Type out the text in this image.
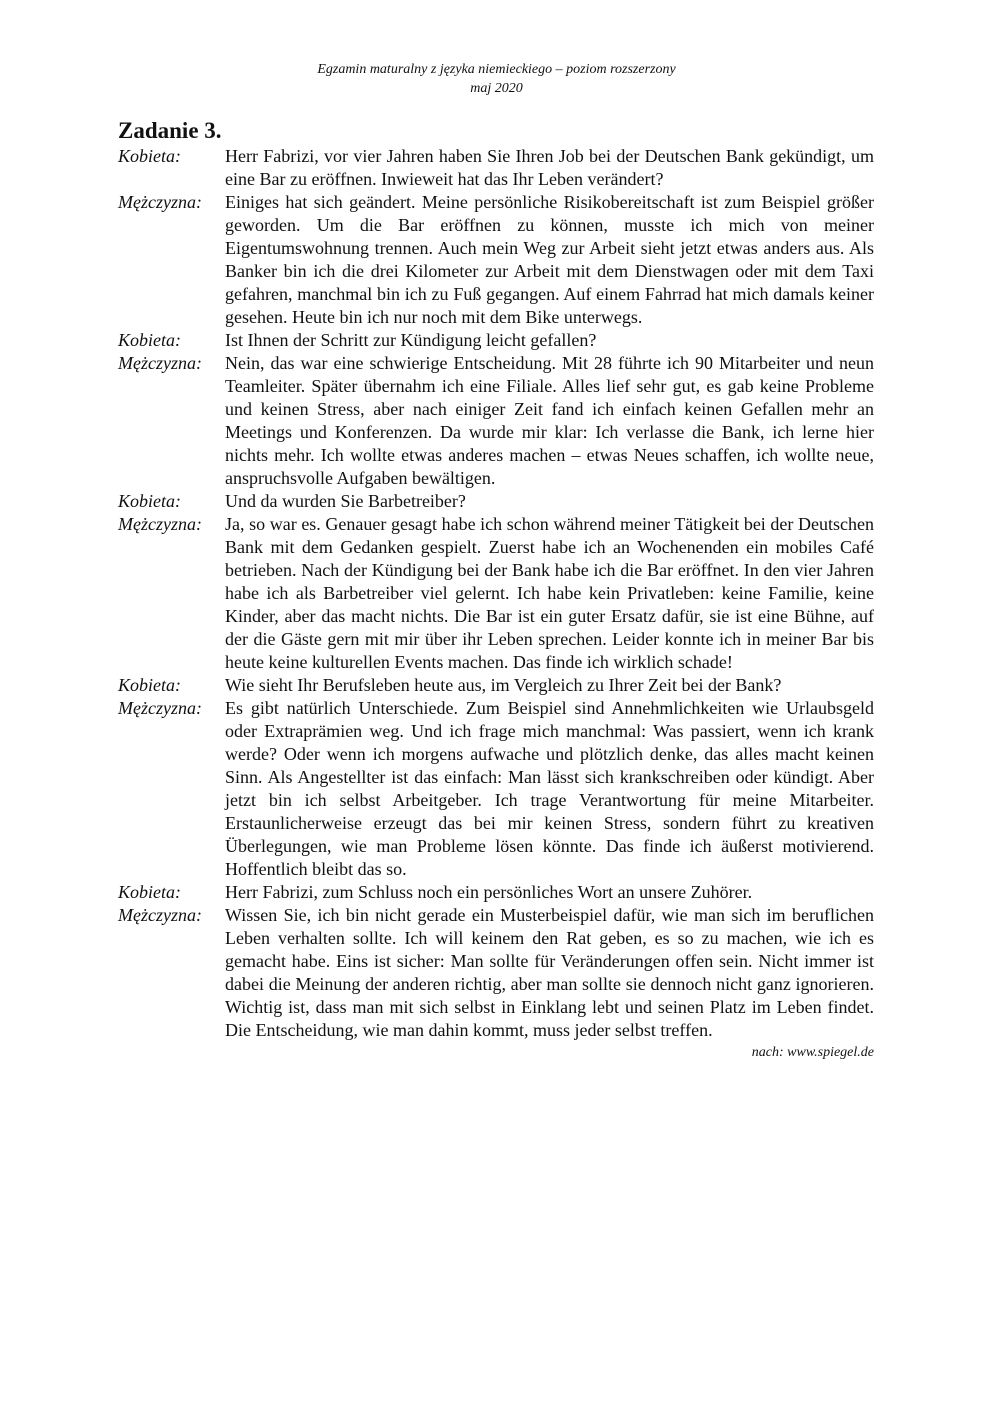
Egzamin maturalny z języka niemieckiego – poziom rozszerzony
maj 2020
Zadanie 3.
Kobieta:	Herr Fabrizi, vor vier Jahren haben Sie Ihren Job bei der Deutschen Bank gekündigt, um eine Bar zu eröffnen. Inwieweit hat das Ihr Leben verändert?
Mężczyzna:	Einiges hat sich geändert. Meine persönliche Risikobereitschaft ist zum Beispiel größer geworden. Um die Bar eröffnen zu können, musste ich mich von meiner Eigentumswohnung trennen. Auch mein Weg zur Arbeit sieht jetzt etwas anders aus. Als Banker bin ich die drei Kilometer zur Arbeit mit dem Dienstwagen oder mit dem Taxi gefahren, manchmal bin ich zu Fuß gegangen. Auf einem Fahrrad hat mich damals keiner gesehen. Heute bin ich nur noch mit dem Bike unterwegs.
Kobieta:	Ist Ihnen der Schritt zur Kündigung leicht gefallen?
Mężczyzna:	Nein, das war eine schwierige Entscheidung. Mit 28 führte ich 90 Mitarbeiter und neun Teamleiter. Später übernahm ich eine Filiale. Alles lief sehr gut, es gab keine Probleme und keinen Stress, aber nach einiger Zeit fand ich einfach keinen Gefallen mehr an Meetings und Konferenzen. Da wurde mir klar: Ich verlasse die Bank, ich lerne hier nichts mehr. Ich wollte etwas anderes machen – etwas Neues schaffen, ich wollte neue, anspruchsvolle Aufgaben bewältigen.
Kobieta:	Und da wurden Sie Barbetreiber?
Mężczyzna:	Ja, so war es. Genauer gesagt habe ich schon während meiner Tätigkeit bei der Deutschen Bank mit dem Gedanken gespielt. Zuerst habe ich an Wochenenden ein mobiles Café betrieben. Nach der Kündigung bei der Bank habe ich die Bar eröffnet. In den vier Jahren habe ich als Barbetreiber viel gelernt. Ich habe kein Privatleben: keine Familie, keine Kinder, aber das macht nichts. Die Bar ist ein guter Ersatz dafür, sie ist eine Bühne, auf der die Gäste gern mit mir über ihr Leben sprechen. Leider konnte ich in meiner Bar bis heute keine kulturellen Events machen. Das finde ich wirklich schade!
Kobieta:	Wie sieht Ihr Berufsleben heute aus, im Vergleich zu Ihrer Zeit bei der Bank?
Mężczyzna:	Es gibt natürlich Unterschiede. Zum Beispiel sind Annehmlichkeiten wie Urlaubsgeld oder Extraprämien weg. Und ich frage mich manchmal: Was passiert, wenn ich krank werde? Oder wenn ich morgens aufwache und plötzlich denke, das alles macht keinen Sinn. Als Angestellter ist das einfach: Man lässt sich krankschreiben oder kündigt. Aber jetzt bin ich selbst Arbeitgeber. Ich trage Verantwortung für meine Mitarbeiter. Erstaunlicherweise erzeugt das bei mir keinen Stress, sondern führt zu kreativen Überlegungen, wie man Probleme lösen könnte. Das finde ich äußerst motivierend. Hoffentlich bleibt das so.
Kobieta:	Herr Fabrizi, zum Schluss noch ein persönliches Wort an unsere Zuhörer.
Mężczyzna:	Wissen Sie, ich bin nicht gerade ein Musterbeispiel dafür, wie man sich im beruflichen Leben verhalten sollte. Ich will keinem den Rat geben, es so zu machen, wie ich es gemacht habe. Eins ist sicher: Man sollte für Veränderungen offen sein. Nicht immer ist dabei die Meinung der anderen richtig, aber man sollte sie dennoch nicht ganz ignorieren. Wichtig ist, dass man mit sich selbst in Einklang lebt und seinen Platz im Leben findet. Die Entscheidung, wie man dahin kommt, muss jeder selbst treffen.
nach: www.spiegel.de
